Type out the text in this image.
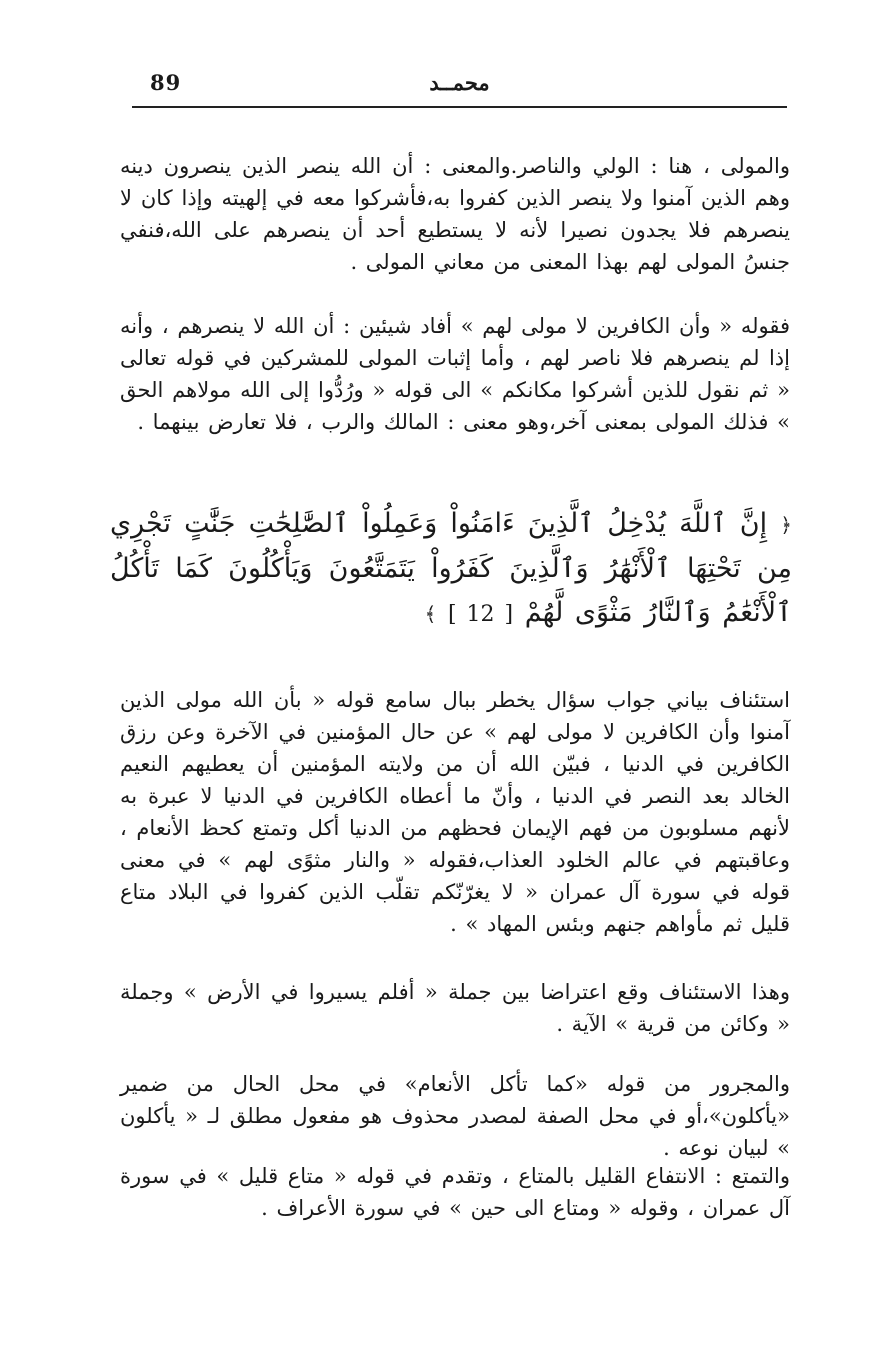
89	محمــد

والمولى ، هنا : الولي والناصر.والمعنى : أن الله ينصر الذين ينصرون دينه وهم الذين آمنوا ولا ينصر الذين كفروا به،فأشركوا معه في إلهيته وإذا كان لا ينصرهم فلا يجدون نصيرا لأنه لا يستطيع أحد أن ينصرهم على الله،فنفي جنسُ المولى لهم بهذا المعنى من معاني المولى .

فقوله « وأن الكافرين لا مولى لهم » أفاد شيئين : أن الله لا ينصرهم ، وأنه إذا لم ينصرهم فلا ناصر لهم ، وأما إثبات المولى للمشركين في قوله تعالى « ثم نقول للذين أشركوا مكانكم » الى قوله « ورُدُّوا إلى الله مولاهم الحق » فذلك المولى بمعنى آخر،وهو معنى : المالك والرب ، فلا تعارض بينهما .

﴿ إِنَّ ٱللَّهَ يُدْخِلُ ٱلَّذِينَ ءَامَنُواْ وَعَمِلُواْ ٱلصَّٰلِحَٰتِ جَنَّٰتٍ تَجْرِي مِن تَحْتِهَا ٱلْأَنْهَٰرُ وَٱلَّذِينَ كَفَرُواْ يَتَمَتَّعُونَ وَيَأْكُلُونَ كَمَا تَأْكُلُ ٱلْأَنْعَٰمُ وَٱلنَّارُ مَثْوًى لَّهُمْ [ 12 ] ﴾

استئناف بياني جواب سؤال يخطر ببال سامع قوله « بأن الله مولى الذين آمنوا وأن الكافرين لا مولى لهم » عن حال المؤمنين في الآخرة وعن رزق الكافرين في الدنيا ، فبيّن الله أن من ولايته المؤمنين أن يعطيهم النعيم الخالد بعد النصر في الدنيا ، وأنّ ما أعطاه الكافرين في الدنيا لا عبرة به لأنهم مسلوبون من فهم الإيمان فحظهم من الدنيا أكل وتمتع كحظ الأنعام ، وعاقبتهم في عالم الخلود العذاب،فقوله « والنار مثوًى لهم » في معنى قوله في سورة آل عمران « لا يغرّنّكم تقلّب الذين كفروا في البلاد متاع قليل ثم مأواهم جنهم وبئس المهاد » .

وهذا الاستئناف وقع اعتراضا بين جملة « أفلم يسيروا في الأرض » وجملة « وكائن من قرية » الآية .

والمجرور من قوله «كما تأكل الأنعام» في محل الحال من ضمير «يأكلون»،أو في محل الصفة لمصدر محذوف هو مفعول مطلق لـ « يأكلون » لبيان نوعه .

والتمتع : الانتفاع القليل بالمتاع ، وتقدم في قوله « متاع قليل » في سورة آل عمران ، وقوله « ومتاع الى حين » في سورة الأعراف .
